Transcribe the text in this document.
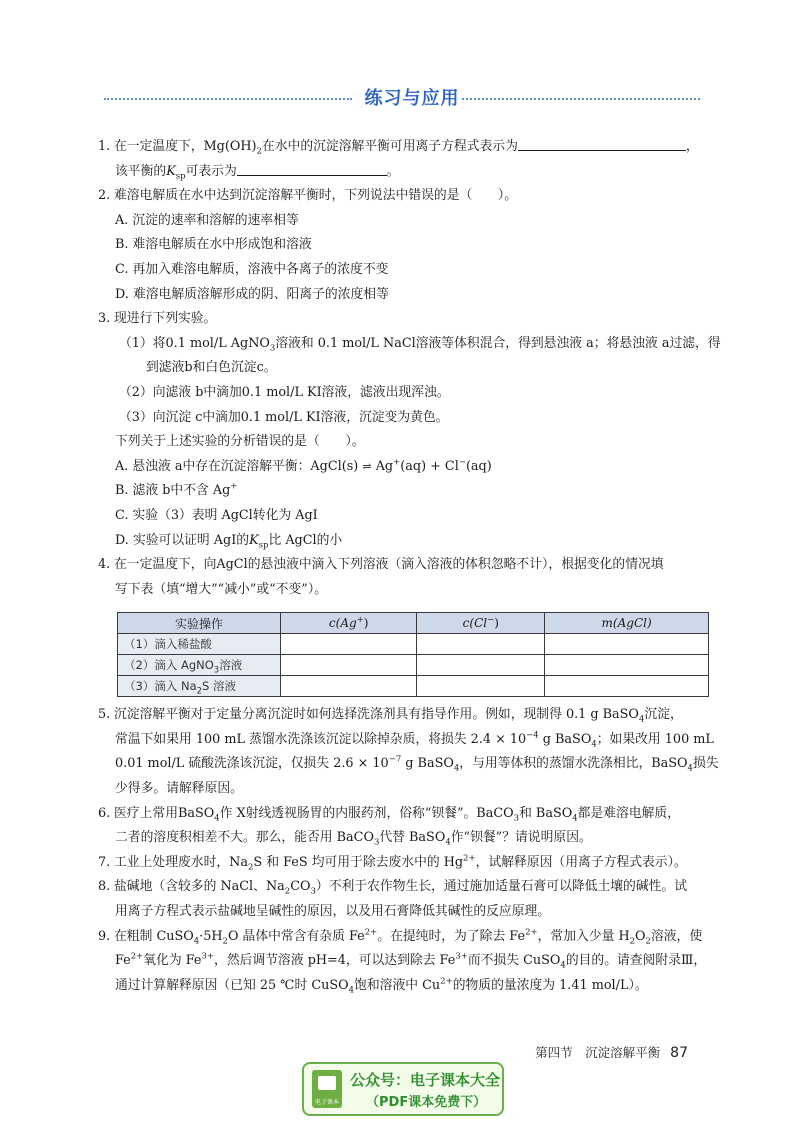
练习与应用
1. 在一定温度下，$Mg(OH)_2$在水中的沉淀溶解平衡可用离子方程式表示为	，
该平衡的$K_{sp}$可表示为	。
2. 难溶电解质在水中达到沉淀溶解平衡时，下列说法中错误的是（　　）。
A. 沉淀的速率和溶解的速率相等
B. 难溶电解质在水中形成饱和溶液
C. 再加入难溶电解质，溶液中各离子的浓度不变
D. 难溶电解质溶解形成的阴、阳离子的浓度相等
3. 现进行下列实验。
（1）将0.1 mol/L AgNO$_3$溶液和 0.1 mol/L NaCl溶液等体积混合，得到悬浊液 a；将悬浊液 a过滤，得
到滤液b和白色沉淀c。
（2）向滤液 b中滴加0.1 mol/L KI溶液，滤液出现浑浊。
（3）向沉淀 c中滴加0.1 mol/L KI溶液，沉淀变为黄色。
下列关于上述实验的分析错误的是（　　）。
A. 悬浊液 a中存在沉淀溶解平衡：AgCl(s) ⇌ Ag+(aq) + Cl−(aq)
B. 滤液 b中不含 Ag+
C. 实验（3）表明 AgCl转化为 AgI
D. 实验可以证明 AgI的$K_{sp}$比 AgCl的小
4. 在一定温度下，向AgCl的悬浊液中滴入下列溶液（滴入溶液的体积忽略不计），根据变化的情况填
写下表（填“增大”“减小”或“不变”）。
实验操作	c(Ag+)	c(Cl−)	m(AgCl)
（1）滴入稀盐酸			
（2）滴入 AgNO$_3$溶液			
（3）滴入 $Na_2S$ 溶液			
5. 沉淀溶解平衡对于定量分离沉淀时如何选择洗涤剂具有指导作用。例如，现制得 0.1 g BaSO$_4$沉淀，
常温下如果用 100 mL 蒸馏水洗涤该沉淀以除掉杂质，将损失 $2.4 \times 10^{-4}$ g BaSO$_4$；如果改用 100 mL
0.01 mol/L 硫酸洗涤该沉淀，仅损失 $2.6 \times 10^{-7}$ g BaSO$_4$，与用等体积的蒸馏水洗涤相比，BaSO$_4$损失
少得多。请解释原因。
6. 医疗上常用BaSO$_4$作 X射线透视肠胃的内服药剂，俗称“钡餐”。BaCO$_3$和 BaSO$_4$都是难溶电解质，
二者的溶度积相差不大。那么，能否用 BaCO$_3$代替 BaSO$_4$作“钡餐”？请说明原因。
7. 工业上处理废水时，$Na_2S$ 和 FeS 均可用于除去废水中的 $Hg^{2+}$，试解释原因（用离子方程式表示）。
8. 盐碱地（含较多的 NaCl、$Na_2CO_3$）不利于农作物生长，通过施加适量石膏可以降低土壤的碱性。试
用离子方程式表示盐碱地呈碱性的原因，以及用石膏降低其碱性的反应原理。
9. 在粗制 $CuSO_4\cdot 5H_2O$ 晶体中常含有杂质 $Fe^{2+}$。在提纯时，为了除去 $Fe^{2+}$，常加入少量 $H_2O_2$溶液，使
$Fe^{2+}$氧化为 $Fe^{3+}$，然后调节溶液 pH=4，可以达到除去 $Fe^{3+}$而不损失 CuSO$_4$的目的。请查阅附录Ⅲ，
通过计算解释原因（已知 25 ℃时 CuSO$_4$饱和溶液中 $Cu^{2+}$的物质的量浓度为 1.41 mol/L）。
第四节　沉淀溶解平衡 87
电子课本
公众号：电子课本大全
（PDF课本免费下）
